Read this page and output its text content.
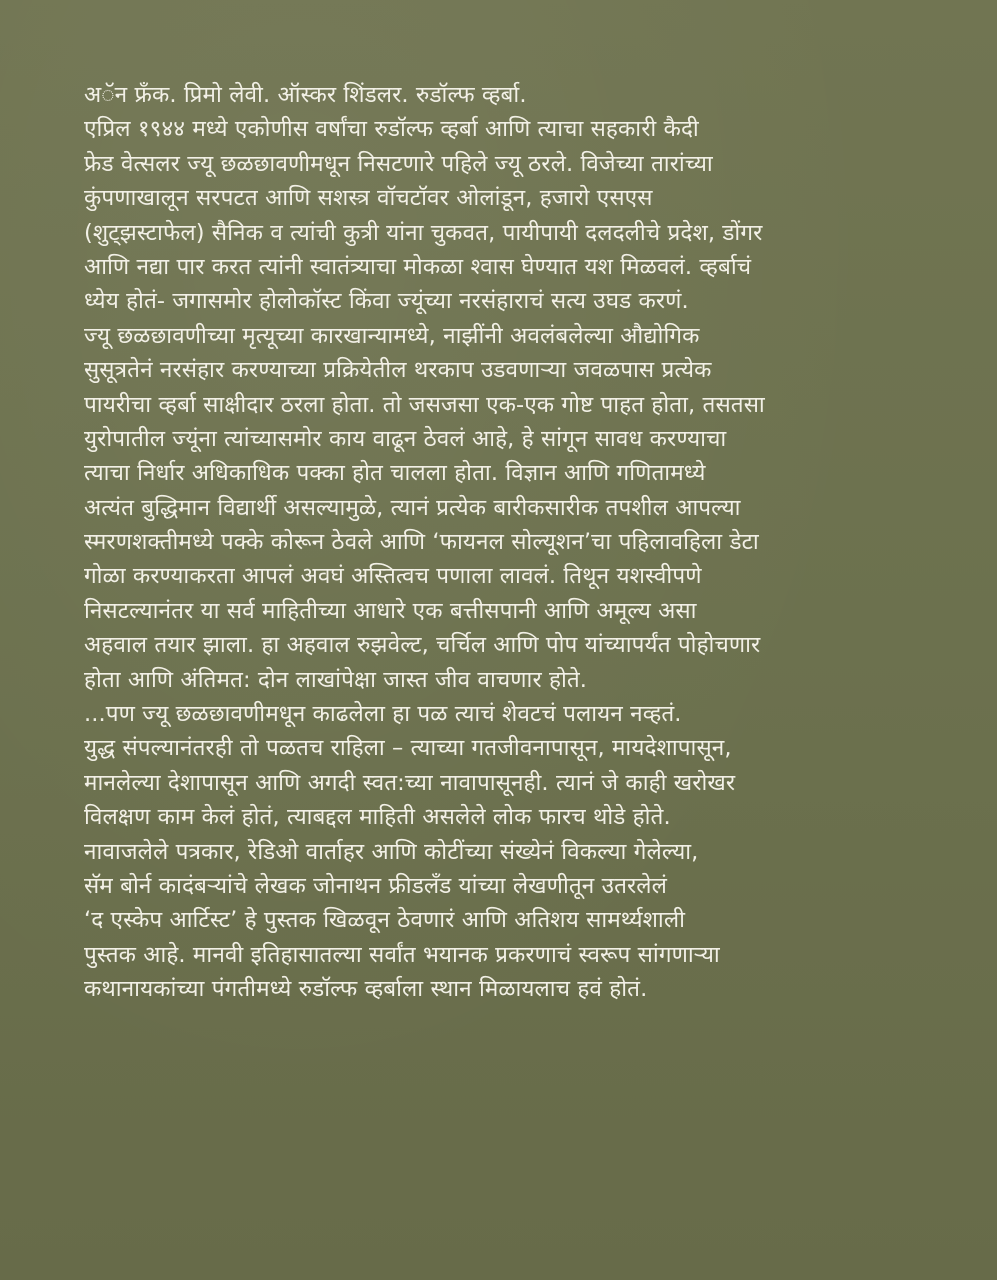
अॅन फ्रॅंक. प्रिमो लेवी. ऑस्कर शिंडलर. रुडॉल्फ व्हर्बा.
एप्रिल १९४४ मध्ये एकोणीस वर्षांचा रुडॉल्फ व्हर्बा आणि त्याचा सहकारी कैदी
फ्रेड वेत्सलर ज्यू छळछावणीमधून निसटणारे पहिले ज्यू ठरले. विजेच्या तारांच्या
कुंपणाखालून सरपटत आणि सशस्त्र वॉचटॉवर ओलांडून, हजारो एसएस
(शुट्झस्टाफेल) सैनिक व त्यांची कुत्री यांना चुकवत, पायीपायी दलदलीचे प्रदेश, डोंगर
आणि नद्या पार करत त्यांनी स्वातंत्र्याचा मोकळा श्वास घेण्यात यश मिळवलं. व्हर्बाचं
ध्येय होतं- जगासमोर होलोकॉस्ट किंवा ज्यूंच्या नरसंहाराचं सत्य उघड करणं.
ज्यू छळछावणीच्या मृत्यूच्या कारखान्यामध्ये, नाझींनी अवलंबलेल्या औद्योगिक
सुसूत्रतेनं नरसंहार करण्याच्या प्रक्रियेतील थरकाप उडवणाऱ्या जवळपास प्रत्येक
पायरीचा व्हर्बा साक्षीदार ठरला होता. तो जसजसा एक-एक गोष्ट पाहत होता, तसतसा
युरोपातील ज्यूंना त्यांच्यासमोर काय वाढून ठेवलं आहे, हे सांगून सावध करण्याचा
त्याचा निर्धार अधिकाधिक पक्का होत चालला होता. विज्ञान आणि गणितामध्ये
अत्यंत बुद्धिमान विद्यार्थी असल्यामुळे, त्यानं प्रत्येक बारीकसारीक तपशील आपल्या
स्मरणशक्तीमध्ये पक्के कोरून ठेवले आणि ‘फायनल सोल्यूशन’चा पहिलावहिला डेटा
गोळा करण्याकरता आपलं अवघं अस्तित्वच पणाला लावलं. तिथून यशस्वीपणे
निसटल्यानंतर या सर्व माहितीच्या आधारे एक बत्तीसपानी आणि अमूल्य असा
अहवाल तयार झाला. हा अहवाल रुझवेल्ट, चर्चिल आणि पोप यांच्यापर्यंत पोहोचणार
होता आणि अंतिमत: दोन लाखांपेक्षा जास्त जीव वाचणार होते.
...पण ज्यू छळछावणीमधून काढलेला हा पळ त्याचं शेवटचं पलायन नव्हतं.
युद्ध संपल्यानंतरही तो पळतच राहिला – त्याच्या गतजीवनापासून, मायदेशापासून,
मानलेल्या देशापासून आणि अगदी स्वत:च्या नावापासूनही. त्यानं जे काही खरोखर
विलक्षण काम केलं होतं, त्याबद्दल माहिती असलेले लोक फारच थोडे होते.
नावाजलेले पत्रकार, रेडिओ वार्ताहर आणि कोटींच्या संख्येनं विकल्या गेलेल्या,
सॅम बोर्न कादंबऱ्यांचे लेखक जोनाथन फ्रीडलँड यांच्या लेखणीतून उतरलेलं
‘द एस्केप आर्टिस्ट’ हे पुस्तक खिळवून ठेवणारं आणि अतिशय सामर्थ्यशाली
पुस्तक आहे. मानवी इतिहासातल्या सर्वांत भयानक प्रकरणाचं स्वरूप सांगणाऱ्या
कथानायकांच्या पंगतीमध्ये रुडॉल्फ व्हर्बाला स्थान मिळायलाच हवं होतं.
